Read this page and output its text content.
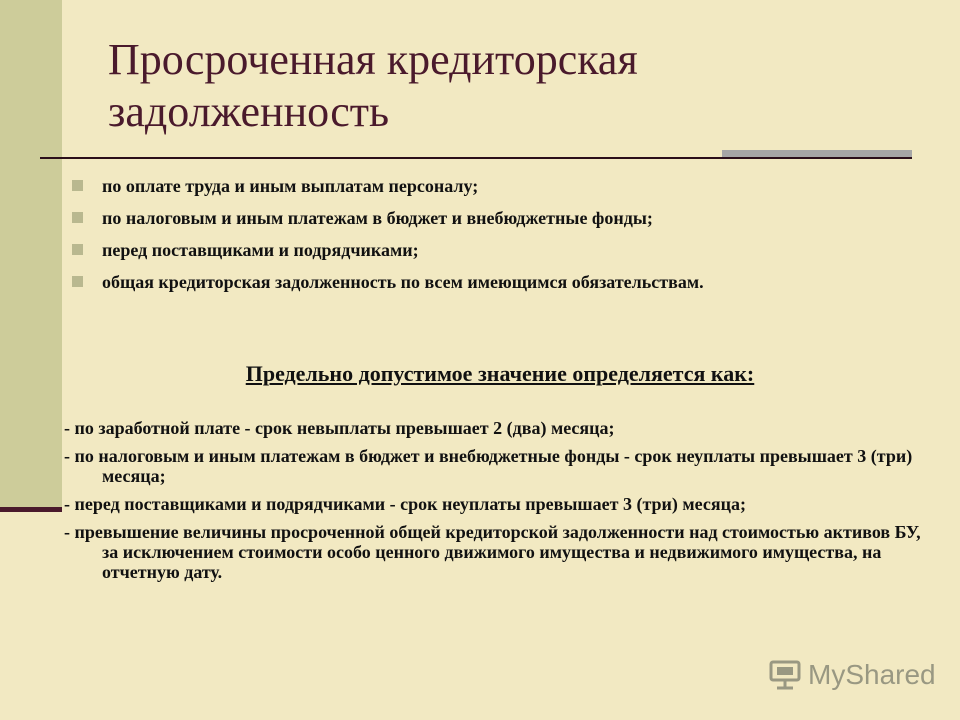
Просроченная кредиторская задолженность
по оплате труда и иным выплатам персоналу;
по налоговым и иным платежам в бюджет и внебюджетные фонды;
перед поставщиками и подрядчиками;
общая кредиторская задолженность по всем имеющимся обязательствам.
Предельно допустимое значение определяется как:
- по заработной плате - срок невыплаты превышает 2 (два) месяца;
- по налоговым и иным платежам в бюджет и внебюджетные фонды - срок неуплаты превышает 3 (три) месяца;
- перед поставщиками и подрядчиками - срок неуплаты превышает 3 (три) месяца;
- превышение величины просроченной общей кредиторской задолженности над стоимостью активов БУ, за исключением стоимости особо ценного движимого имущества и недвижимого имущества, на отчетную дату.
MyShared
